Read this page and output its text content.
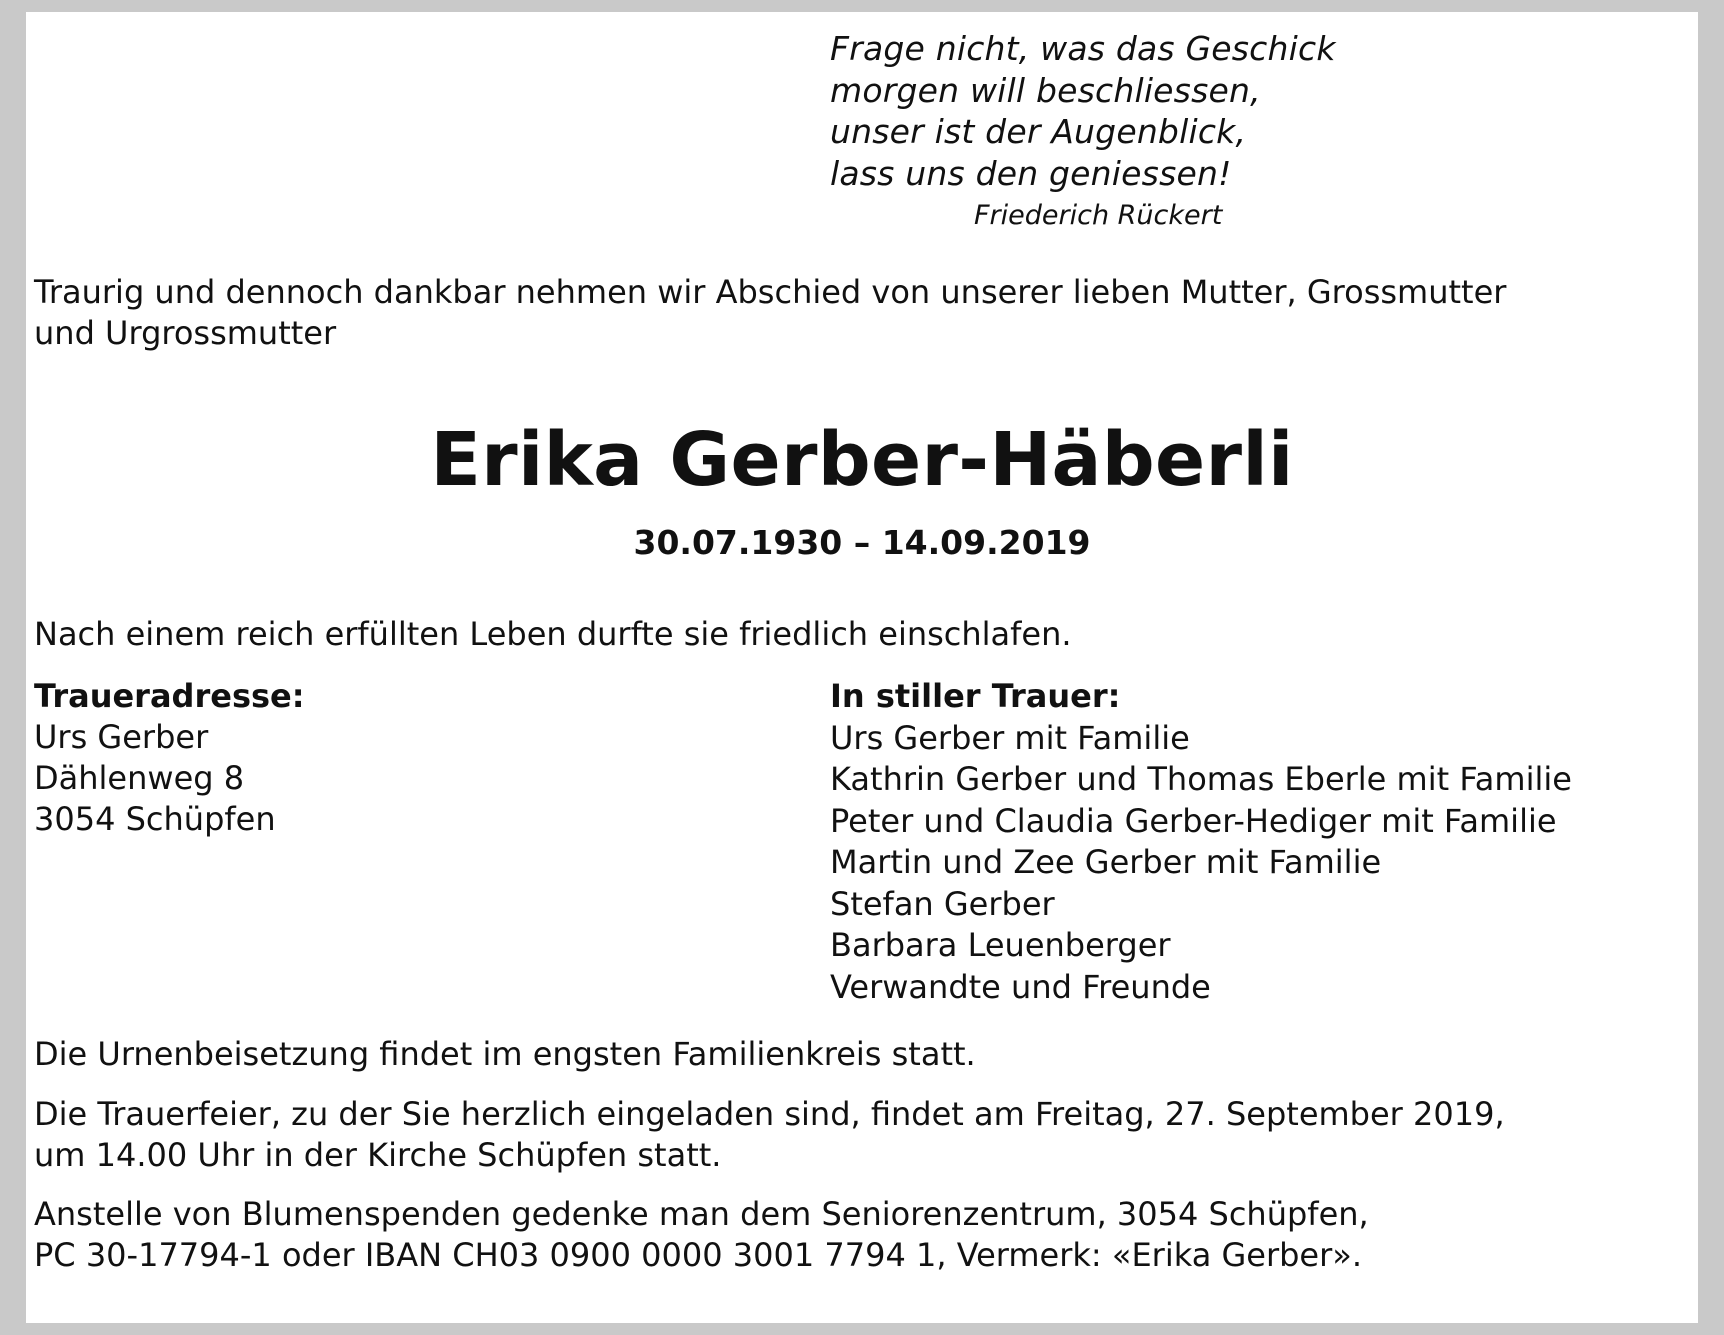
Frage nicht, was das Geschick
morgen will beschliessen,
unser ist der Augenblick,
lass uns den geniessen!
Friederich Rückert
Traurig und dennoch dankbar nehmen wir Abschied von unserer lieben Mutter, Grossmutter
und Urgrossmutter
Erika Gerber-Häberli
30.07.1930 – 14.09.2019
Nach einem reich erfüllten Leben durfte sie friedlich einschlafen.
Traueradresse:
Urs Gerber
Dählenweg 8
3054 Schüpfen
In stiller Trauer:
Urs Gerber mit Familie
Kathrin Gerber und Thomas Eberle mit Familie
Peter und Claudia Gerber-Hediger mit Familie
Martin und Zee Gerber mit Familie
Stefan Gerber
Barbara Leuenberger
Verwandte und Freunde
Die Urnenbeisetzung findet im engsten Familienkreis statt.
Die Trauerfeier, zu der Sie herzlich eingeladen sind, findet am Freitag, 27. September 2019,
um 14.00 Uhr in der Kirche Schüpfen statt.
Anstelle von Blumenspenden gedenke man dem Seniorenzentrum, 3054 Schüpfen,
PC 30-17794-1 oder IBAN CH03 0900 0000 3001 7794 1, Vermerk: «Erika Gerber».
